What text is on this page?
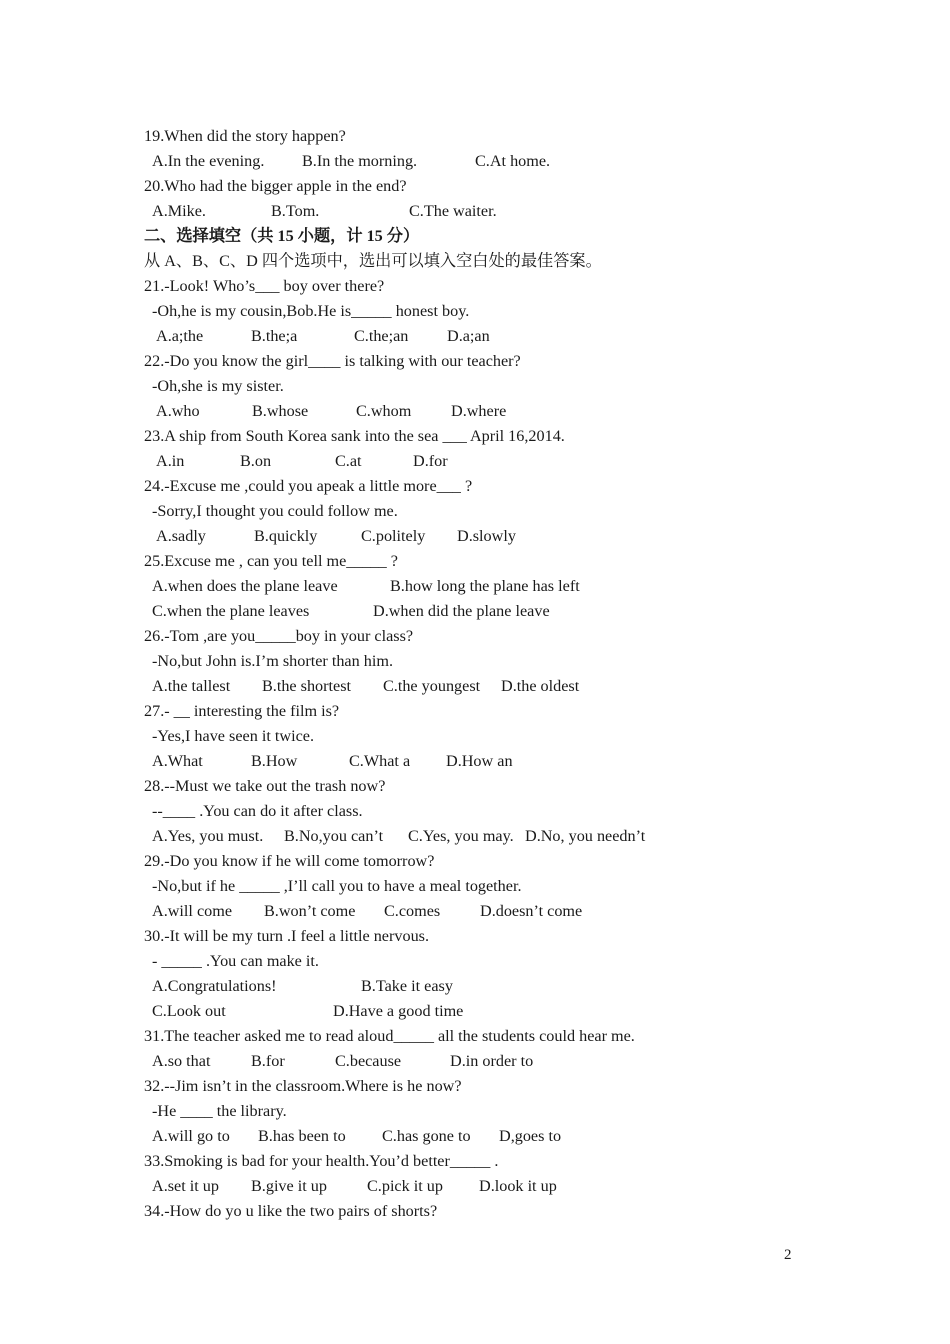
19.When did the story happen?
A.In the evening. B.In the morning.	C.At home.
20.Who had the bigger apple in the end?
A.Mike.	B.Tom.	C.The waiter.
二、选择填空（共 15 小题，计 15 分）
从 A、B、C、D 四个选项中，选出可以填入空白处的最佳答案。
21.-Look! Who’s___ boy over there?
-Oh,he is my cousin,Bob.He is_____ honest boy.
A.a;the	B.the;a	C.the;an D.a;an
22.-Do you know the girl____ is talking with our teacher?
-Oh,she is my sister.
A.who	B.whose	C.whom D.where
23.A ship from South Korea sank into the sea ___ April 16,2014.
A.in	B.on	C.at	D.for
24.-Excuse me ,could you apeak a little more___ ?
-Sorry,I thought you could follow me.
A.sadly	B.quickly	C.politely D.slowly
25.Excuse me , can you tell me_____ ?
A.when does the plane leave	B.how long the plane has left
C.when the plane leaves	D.when did the plane leave
26.-Tom ,are you_____boy in your class?
-No,but John is.I’m shorter than him.
A.the tallest B.the shortest C.the youngest D.the oldest
27.- __ interesting the film is?
-Yes,I have seen it twice.
A.What	B.How	C.What a D.How an
28.--Must we take out the trash now?
--____ .You can do it after class.
A.Yes, you must. B.No,you can’t C.Yes, you may. D.No, you needn’t
29.-Do you know if he will come tomorrow?
-No,but if he _____ ,I’ll call you to have a meal together.
A.will come B.won’t come C.comes D.doesn’t come
30.-It will be my turn .I feel a little nervous.
- _____ .You can make it.
A.Congratulations!	B.Take it easy
C.Look out	D.Have a good time
31.The teacher asked me to read aloud_____ all the students could hear me.
A.so that	B.for	C.because	D.in order to
32.--Jim isn’t in the classroom.Where is he now?
-He ____ the library.
A.will go to B.has been to C.has gone to D,goes to
33.Smoking is bad for your health.You’d better_____ .
A.set it up B.give it up C.pick it up D.look it up
34.-How do yo u like the two pairs of shorts?
2
